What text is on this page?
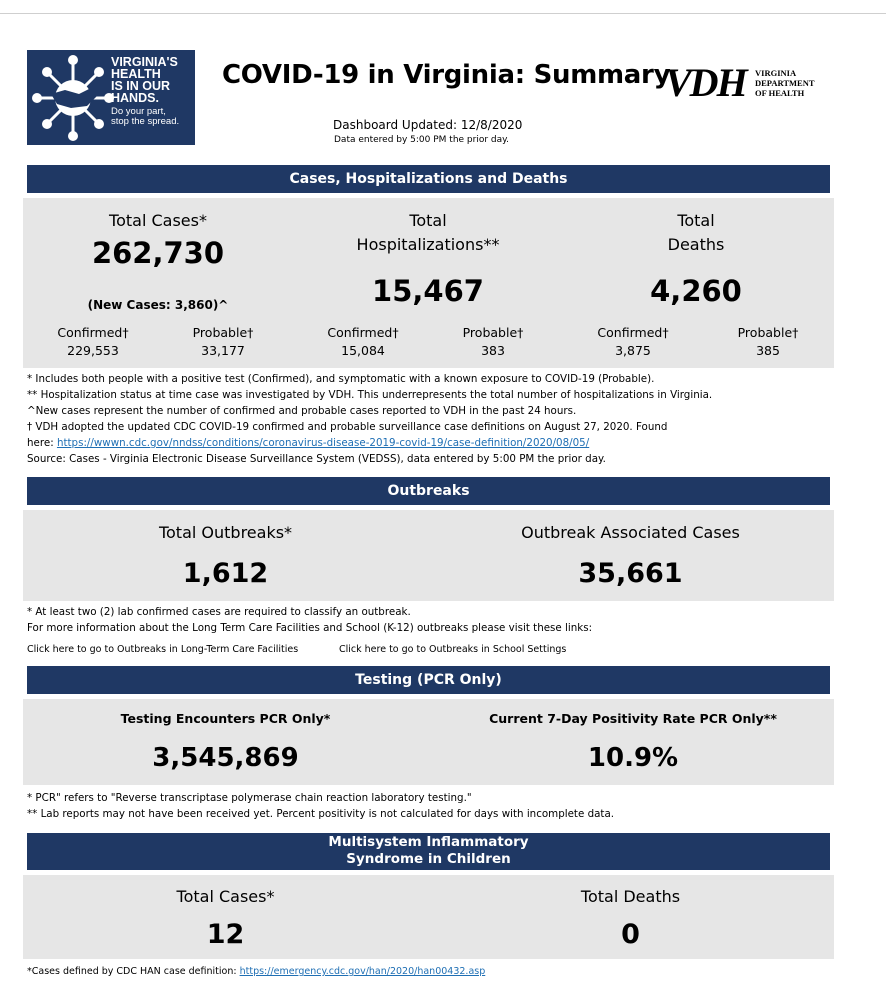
VIRGINIA'S
HEALTH
IS IN OUR
HANDS.
Do your part,
stop the spread.
COVID-19 in Virginia: Summary
VDH VIRGINIA
DEPARTMENT
OF HEALTH
Dashboard Updated: 12/8/2020
Data entered by 5:00 PM the prior day.
Cases, Hospitalizations and Deaths
Total Cases*
262,730
(New Cases: 3,860)^
Confirmed†
229,553
Probable†
33,177
Total
Hospitalizations**
15,467
Confirmed†
15,084
Probable†
383
Total
Deaths
4,260
Confirmed†
3,875
Probable†
385
* Includes both people with a positive test (Confirmed), and symptomatic with a known exposure to COVID-19 (Probable).
** Hospitalization status at time case was investigated by VDH. This underrepresents the total number of hospitalizations in Virginia.
^New cases represent the number of confirmed and probable cases reported to VDH in the past 24 hours.
† VDH adopted the updated CDC COVID-19 confirmed and probable surveillance case definitions on August 27, 2020. Found
here: https://wwwn.cdc.gov/nndss/conditions/coronavirus-disease-2019-covid-19/case-definition/2020/08/05/
Source: Cases - Virginia Electronic Disease Surveillance System (VEDSS), data entered by 5:00 PM the prior day.
Outbreaks
Total Outbreaks*
1,612
Outbreak Associated Cases
35,661
* At least two (2) lab confirmed cases are required to classify an outbreak.
For more information about the Long Term Care Facilities and School (K-12) outbreaks please visit these links:
Click here to go to Outbreaks in Long-Term Care Facilities	Click here to go to Outbreaks in School Settings
Testing (PCR Only)
Testing Encounters PCR Only*
3,545,869
Current 7-Day Positivity Rate PCR Only**
10.9%
* PCR" refers to "Reverse transcriptase polymerase chain reaction laboratory testing."
** Lab reports may not have been received yet. Percent positivity is not calculated for days with incomplete data.
Multisystem Inflammatory
Syndrome in Children
Total Cases*
12
Total Deaths
0
*Cases defined by CDC HAN case definition: https://emergency.cdc.gov/han/2020/han00432.asp
